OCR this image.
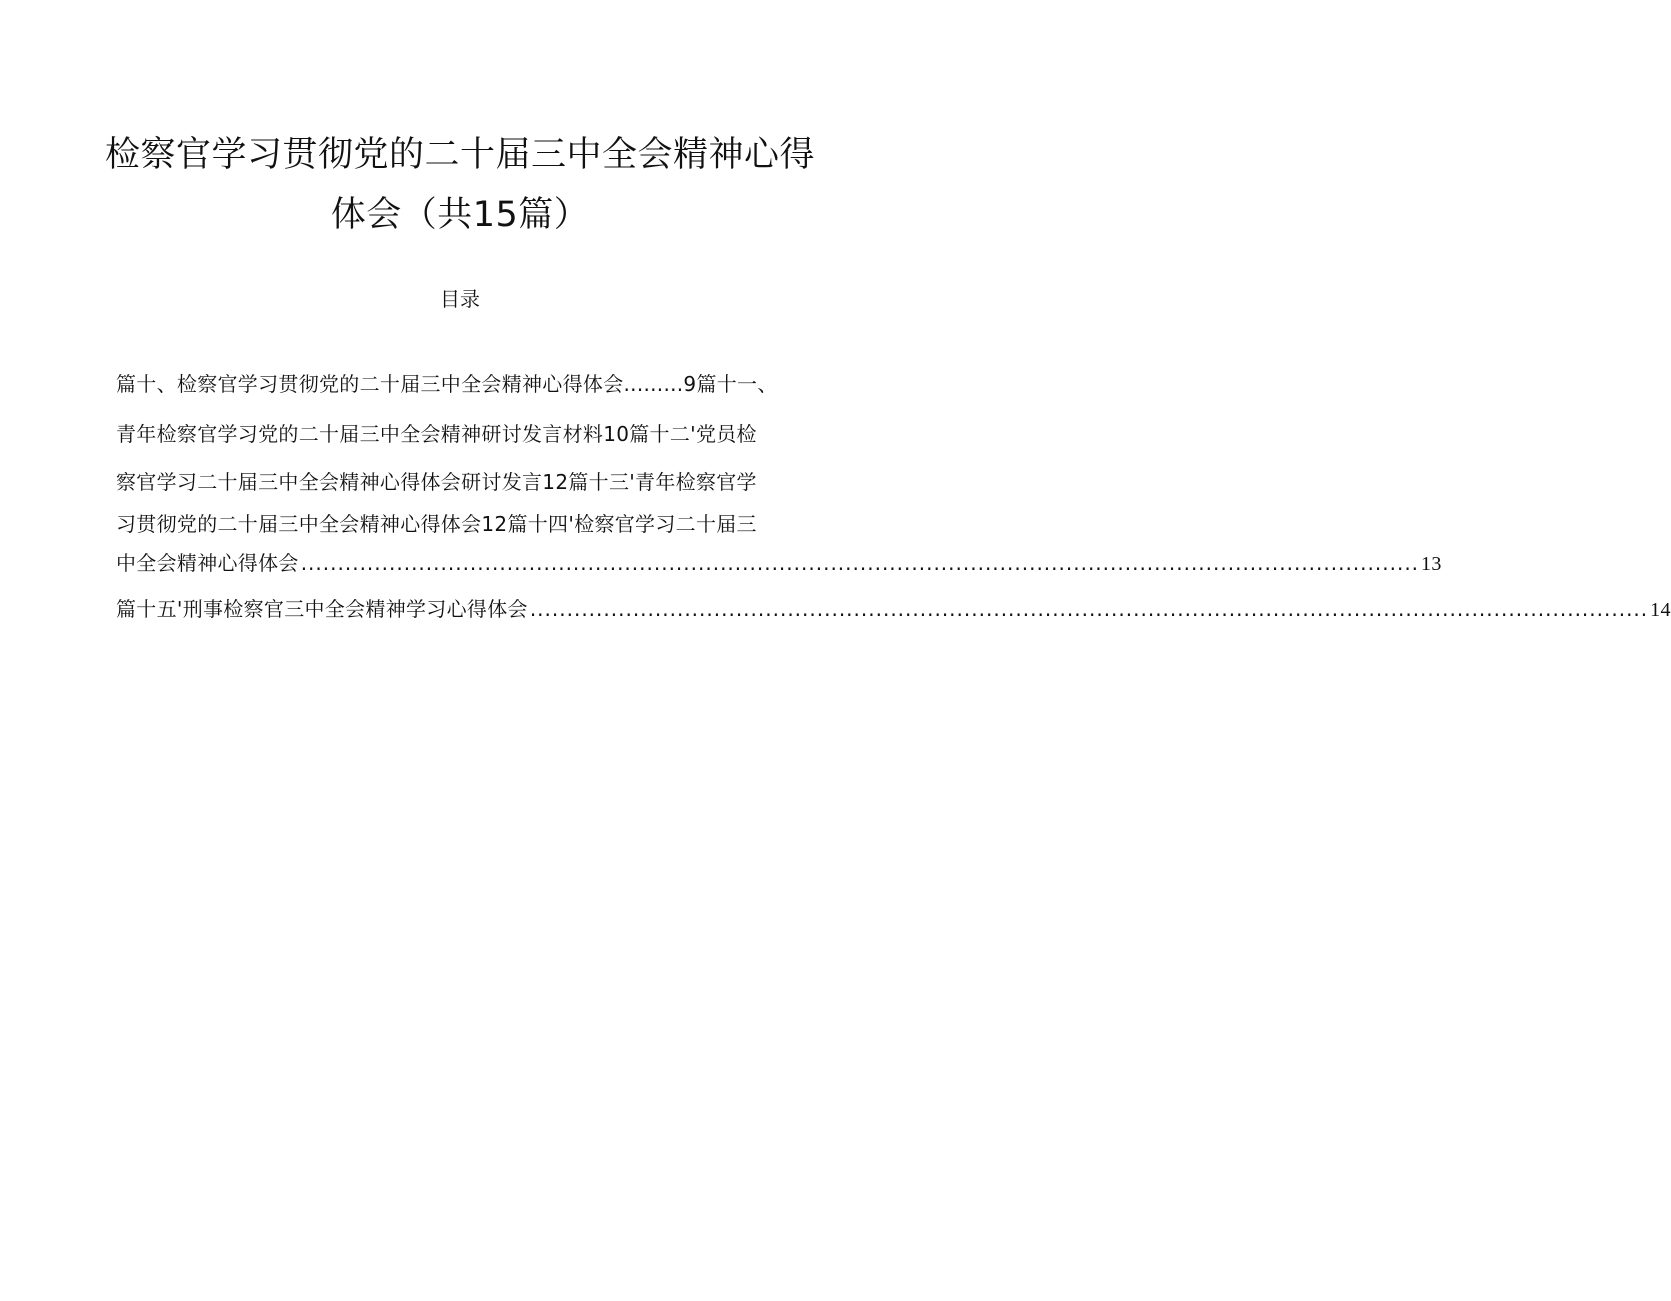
检察官学习贯彻党的二十届三中全会精神心得
体会（共15篇）
目录
篇十、检察官学习贯彻党的二十届三中全会精神心得体会.........9篇十一、
青年检察官学习党的二十届三中全会精神研讨发言材料10篇十二'党员检
察官学习二十届三中全会精神心得体会研讨发言12篇十三'青年检察官学
习贯彻党的二十届三中全会精神心得体会12篇十四'检察官学习二十届三
中全会精神心得体会 ........................................................................................................................................................ 13
篇十五'刑事检察官三中全会精神学习心得体会 ........................................................................................................................................................ 14
